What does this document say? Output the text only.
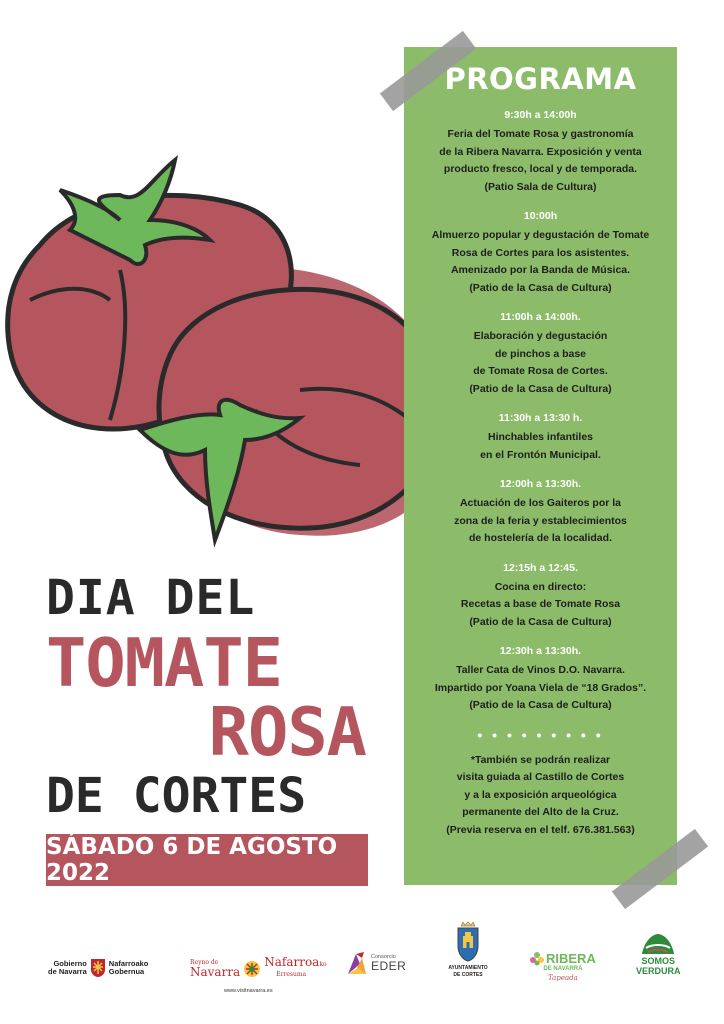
DIA DEL
TOMATE
ROSA
DE CORTES
SÁBADO 6 DE AGOSTO 2022
PROGRAMA
9:30h a 14:00h
Feria del Tomate Rosa y gastronomía
de la Ribera Navarra. Exposición y venta
producto fresco, local y de temporada.
(Patio Sala de Cultura)
10:00h
Almuerzo popular y degustación de Tomate
Rosa de Cortes para los asistentes.
Amenizado por la Banda de Música.
(Patio de la Casa de Cultura)
11:00h a 14:00h.
Elaboración y degustación
de pinchos a base
de Tomate Rosa de Cortes.
(Patio de la Casa de Cultura)
11:30h a 13:30 h.
Hinchables infantiles
en el Frontón Municipal.
12:00h a 13:30h.
Actuación de los Gaiteros por la
zona de la feria y establecimientos
de hostelería de la localidad.
12:15h a 12:45.
Cocina en directo:
Recetas a base de Tomate Rosa
(Patio de la Casa de Cultura)
12:30h a 13:30h.
Taller Cata de Vinos D.O. Navarra.
Impartido por Yoana Viela de “18 Grados”.
(Patio de la Casa de Cultura)
• • • • • • • • •
*También se podrán realizar
visita guiada al Castillo de Cortes
y a la exposición arqueológica
permanente del Alto de la Cruz.
(Previa reserva en el telf. 676.381.563)
Gobierno
de Navarra
Nafarroako
Gobernua
Reyno de
Navarra
Nafarroako
Erresuma
www.visitnavarra.es
Consorcio
EDER	AYUNTAMIENTO
DE CORTES
RIBERA
DE NAVARRA
Tapeada
SOMOS
VERDURA
